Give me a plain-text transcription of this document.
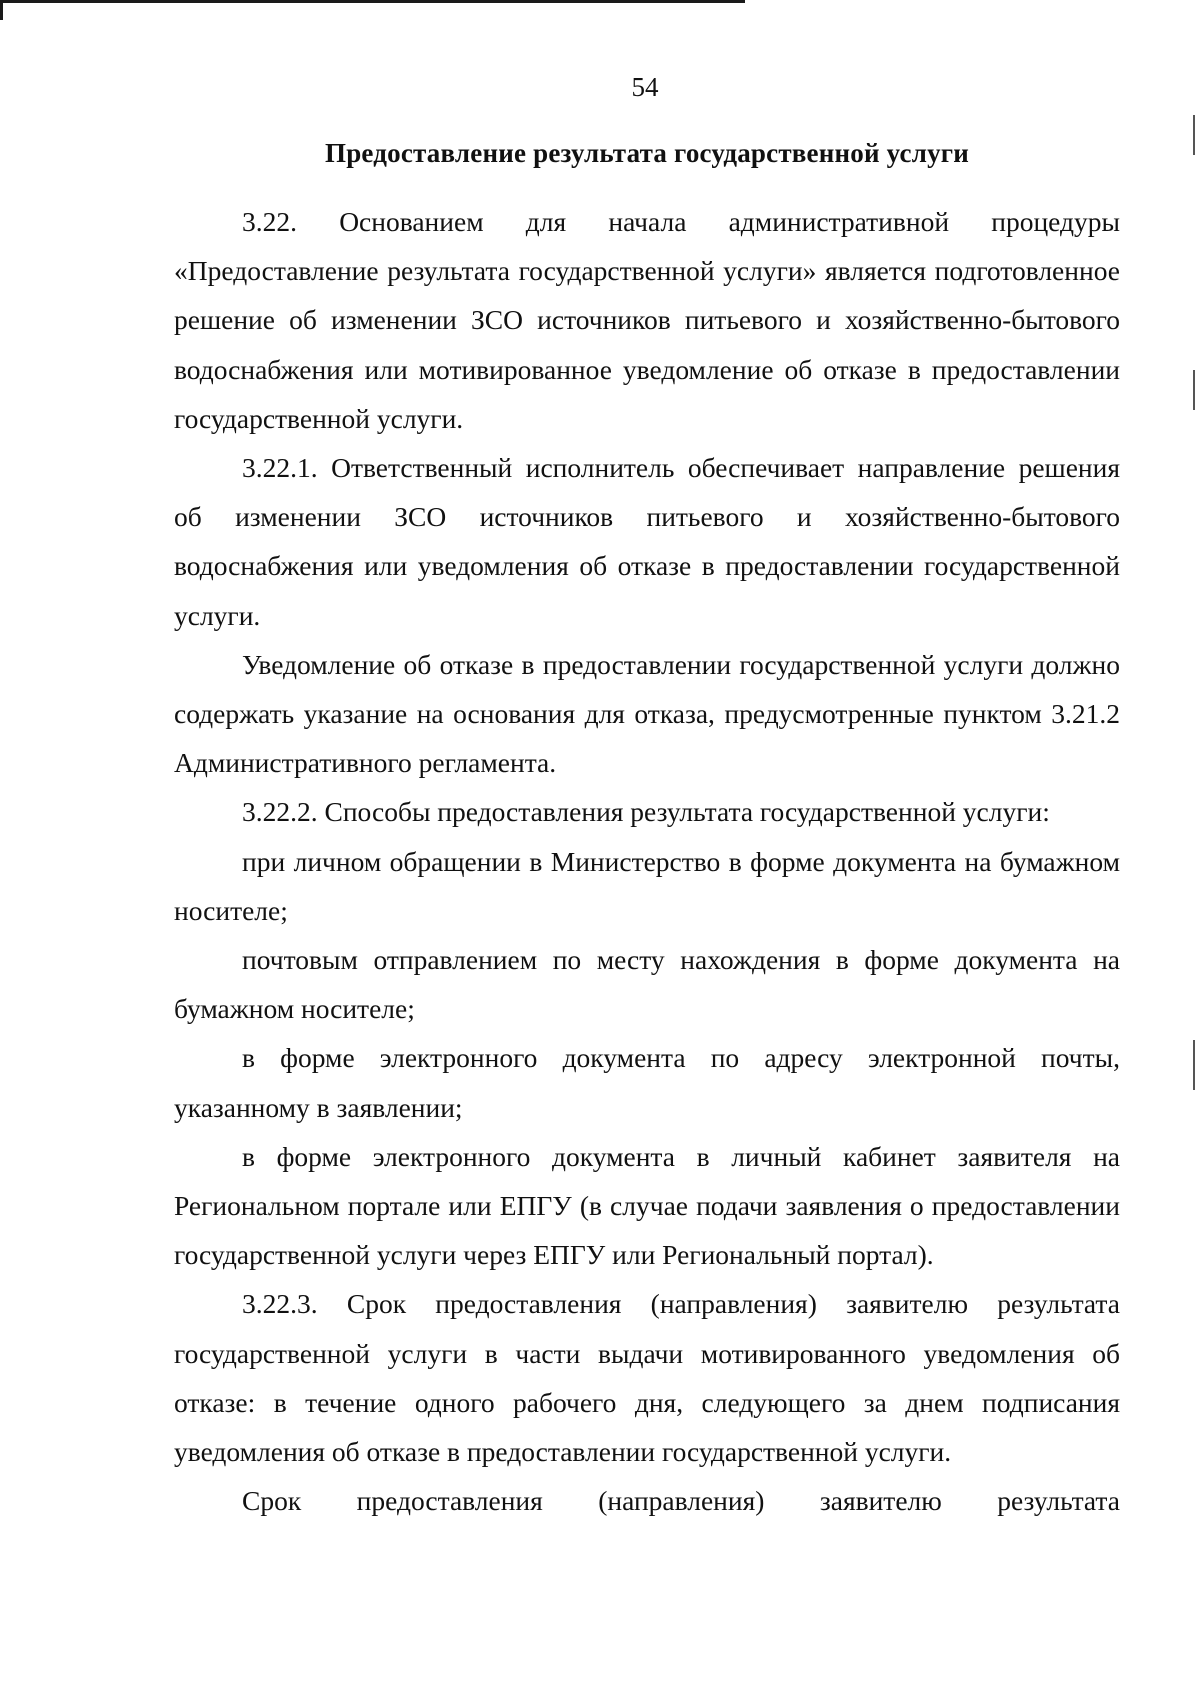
54
Предоставление результата государственной услуги

3.22. Основанием для начала административной процедуры «Предоставление результата государственной услуги» является подготовленное решение об изменении ЗСО источников питьевого и хозяйственно-бытового водоснабжения или мотивированное уведомление об отказе в предоставлении государственной услуги.

3.22.1. Ответственный исполнитель обеспечивает направление решения об изменении ЗСО источников питьевого и хозяйственно-бытового водоснабжения или уведомления об отказе в предоставлении государственной услуги.

Уведомление об отказе в предоставлении государственной услуги должно содержать указание на основания для отказа, предусмотренные пунктом 3.21.2 Административного регламента.

3.22.2. Способы предоставления результата государственной услуги:

при личном обращении в Министерство в форме документа на бумажном носителе;

почтовым отправлением по месту нахождения в форме документа на бумажном носителе;

в форме электронного документа по адресу электронной почты, указанному в заявлении;

в форме электронного документа в личный кабинет заявителя на Региональном портале или ЕПГУ (в случае подачи заявления о предоставлении государственной услуги через ЕПГУ или Региональный портал).

3.22.3. Срок предоставления (направления) заявителю результата государственной услуги в части выдачи мотивированного уведомления об отказе: в течение одного рабочего дня, следующего за днем подписания уведомления об отказе в предоставлении государственной услуги.

Срок предоставления (направления) заявителю результата
